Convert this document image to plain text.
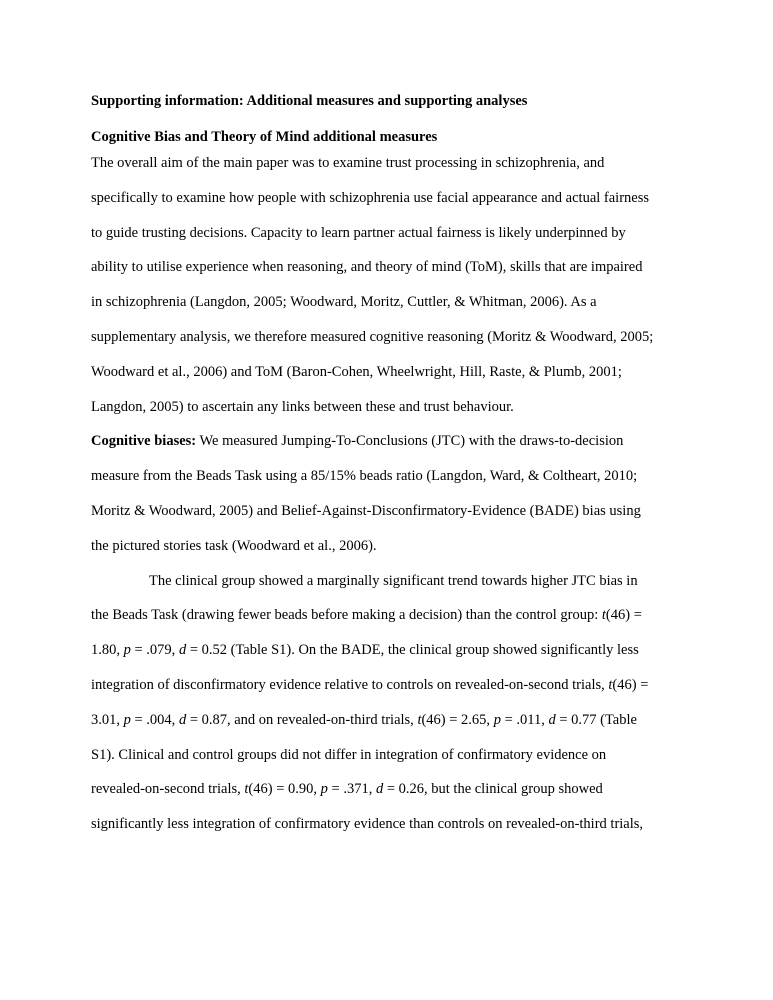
Supporting information: Additional measures and supporting analyses

Cognitive Bias and Theory of Mind additional measures

The overall aim of the main paper was to examine trust processing in schizophrenia, and
specifically to examine how people with schizophrenia use facial appearance and actual fairness
to guide trusting decisions. Capacity to learn partner actual fairness is likely underpinned by
ability to utilise experience when reasoning, and theory of mind (ToM), skills that are impaired
in schizophrenia (Langdon, 2005; Woodward, Moritz, Cuttler, & Whitman, 2006). As a
supplementary analysis, we therefore measured cognitive reasoning (Moritz & Woodward, 2005;
Woodward et al., 2006) and ToM (Baron-Cohen, Wheelwright, Hill, Raste, & Plumb, 2001;
Langdon, 2005) to ascertain any links between these and trust behaviour.
Cognitive biases: We measured Jumping-To-Conclusions (JTC) with the draws-to-decision
measure from the Beads Task using a 85/15% beads ratio (Langdon, Ward, & Coltheart, 2010;
Moritz & Woodward, 2005) and Belief-Against-Disconfirmatory-Evidence (BADE) bias using
the pictured stories task (Woodward et al., 2006).
The clinical group showed a marginally significant trend towards higher JTC bias in
the Beads Task (drawing fewer beads before making a decision) than the control group: t(46) =
1.80, p = .079, d = 0.52 (Table S1). On the BADE, the clinical group showed significantly less
integration of disconfirmatory evidence relative to controls on revealed-on-second trials, t(46) =
3.01, p = .004, d = 0.87, and on revealed-on-third trials, t(46) = 2.65, p = .011, d = 0.77 (Table
S1). Clinical and control groups did not differ in integration of confirmatory evidence on
revealed-on-second trials, t(46) = 0.90, p = .371, d = 0.26, but the clinical group showed
significantly less integration of confirmatory evidence than controls on revealed-on-third trials,
